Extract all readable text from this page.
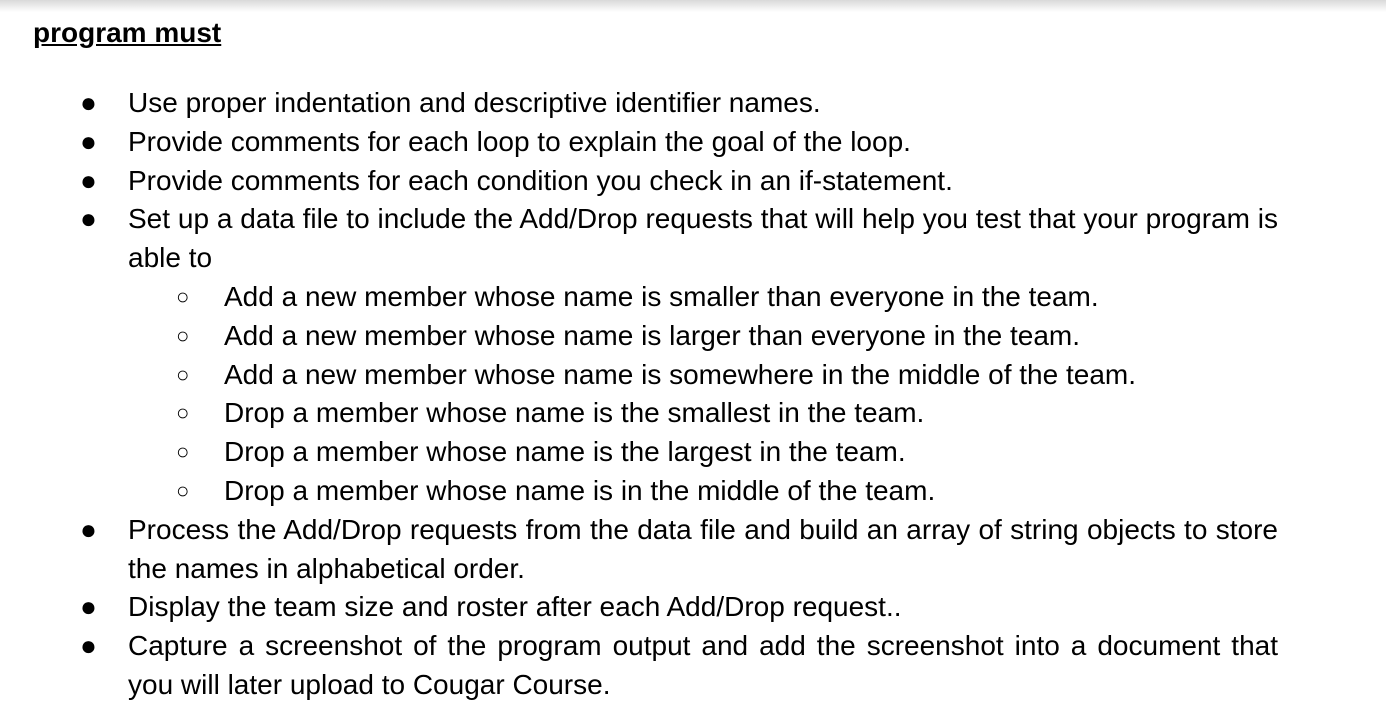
program must
● Use proper indentation and descriptive identifier names.
● Provide comments for each loop to explain the goal of the loop.
● Provide comments for each condition you check in an if-statement.
● Set up a data file to include the Add/Drop requests that will help you test that your program is able to
○ Add a new member whose name is smaller than everyone in the team.
○ Add a new member whose name is larger than everyone in the team.
○ Add a new member whose name is somewhere in the middle of the team.
○ Drop a member whose name is the smallest in the team.
○ Drop a member whose name is the largest in the team.
○ Drop a member whose name is in the middle of the team.
● Process the Add/Drop requests from the data file and build an array of string objects to store the names in alphabetical order.
● Display the team size and roster after each Add/Drop request..
● Capture a screenshot of the program output and add the screenshot into a document that you will later upload to Cougar Course.
